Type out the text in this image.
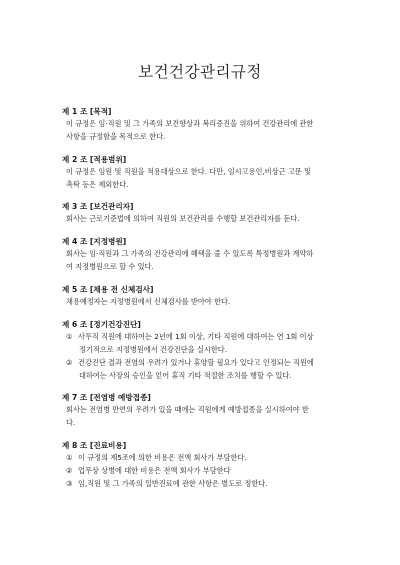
보건건강관리규정

제 1 조 [목적]

이 규정은 임·직원 및 그 가족의 보건향상과 복리증진을 위하여 건강관리에 관한

사항을 규정함을 목적으로 한다.

제 2 조 [적용범위]

이 규정은 임원 및 직원을 적용대상으로 한다. 다만, 임시고용인,비상근 고문 및

촉탁 등은 제외한다.

제 3 조 [보건관리자]

회사는 근로기준법에 의하여 직원의 보건관리를 수행할 보건관리자를 둔다.

제 4 조 [지정병원]

회사는 임·직원과 그 가족의 건강관리에 혜택을 줄 수 있도록 특정병원과 계약하

여 지정병원으로 할 수 있다.

제 5 조 [채용 전 신체검사]

채용예정자는 지정병원에서 신체검사를 받아야 한다.

제 6 조 [정기건강진단]

① 사무직 직원에 대하여는 2년에 1회 이상, 기타 직원에 대하여는 연 1회 이상

정기적으로 지정병원에서 건강진단을 실시한다.

② 건강진단 결과 전염의 우려가 있거나 휴양할 필요가 있다고 인정되는 직원에

대하여는 사장의 승인을 얻어 휴직 기타 적절한 조치를 행할 수 있다.

제 7 조 [전염병 예방접종]

회사는 전염병 만연의 우려가 있을 때에는 직원에게 예방접종을 실시하여야 한

다.

제 8 조 [진료비용]

① 이 규정의 제5조에 의한 비용은 전액 회사가 부담한다.

② 업무상 상병에 대한 비용은 전액 회사가 부담한다

③ 임,직원 및 그 가족의 일반진료에 관한 사항은 별도로 정한다.
